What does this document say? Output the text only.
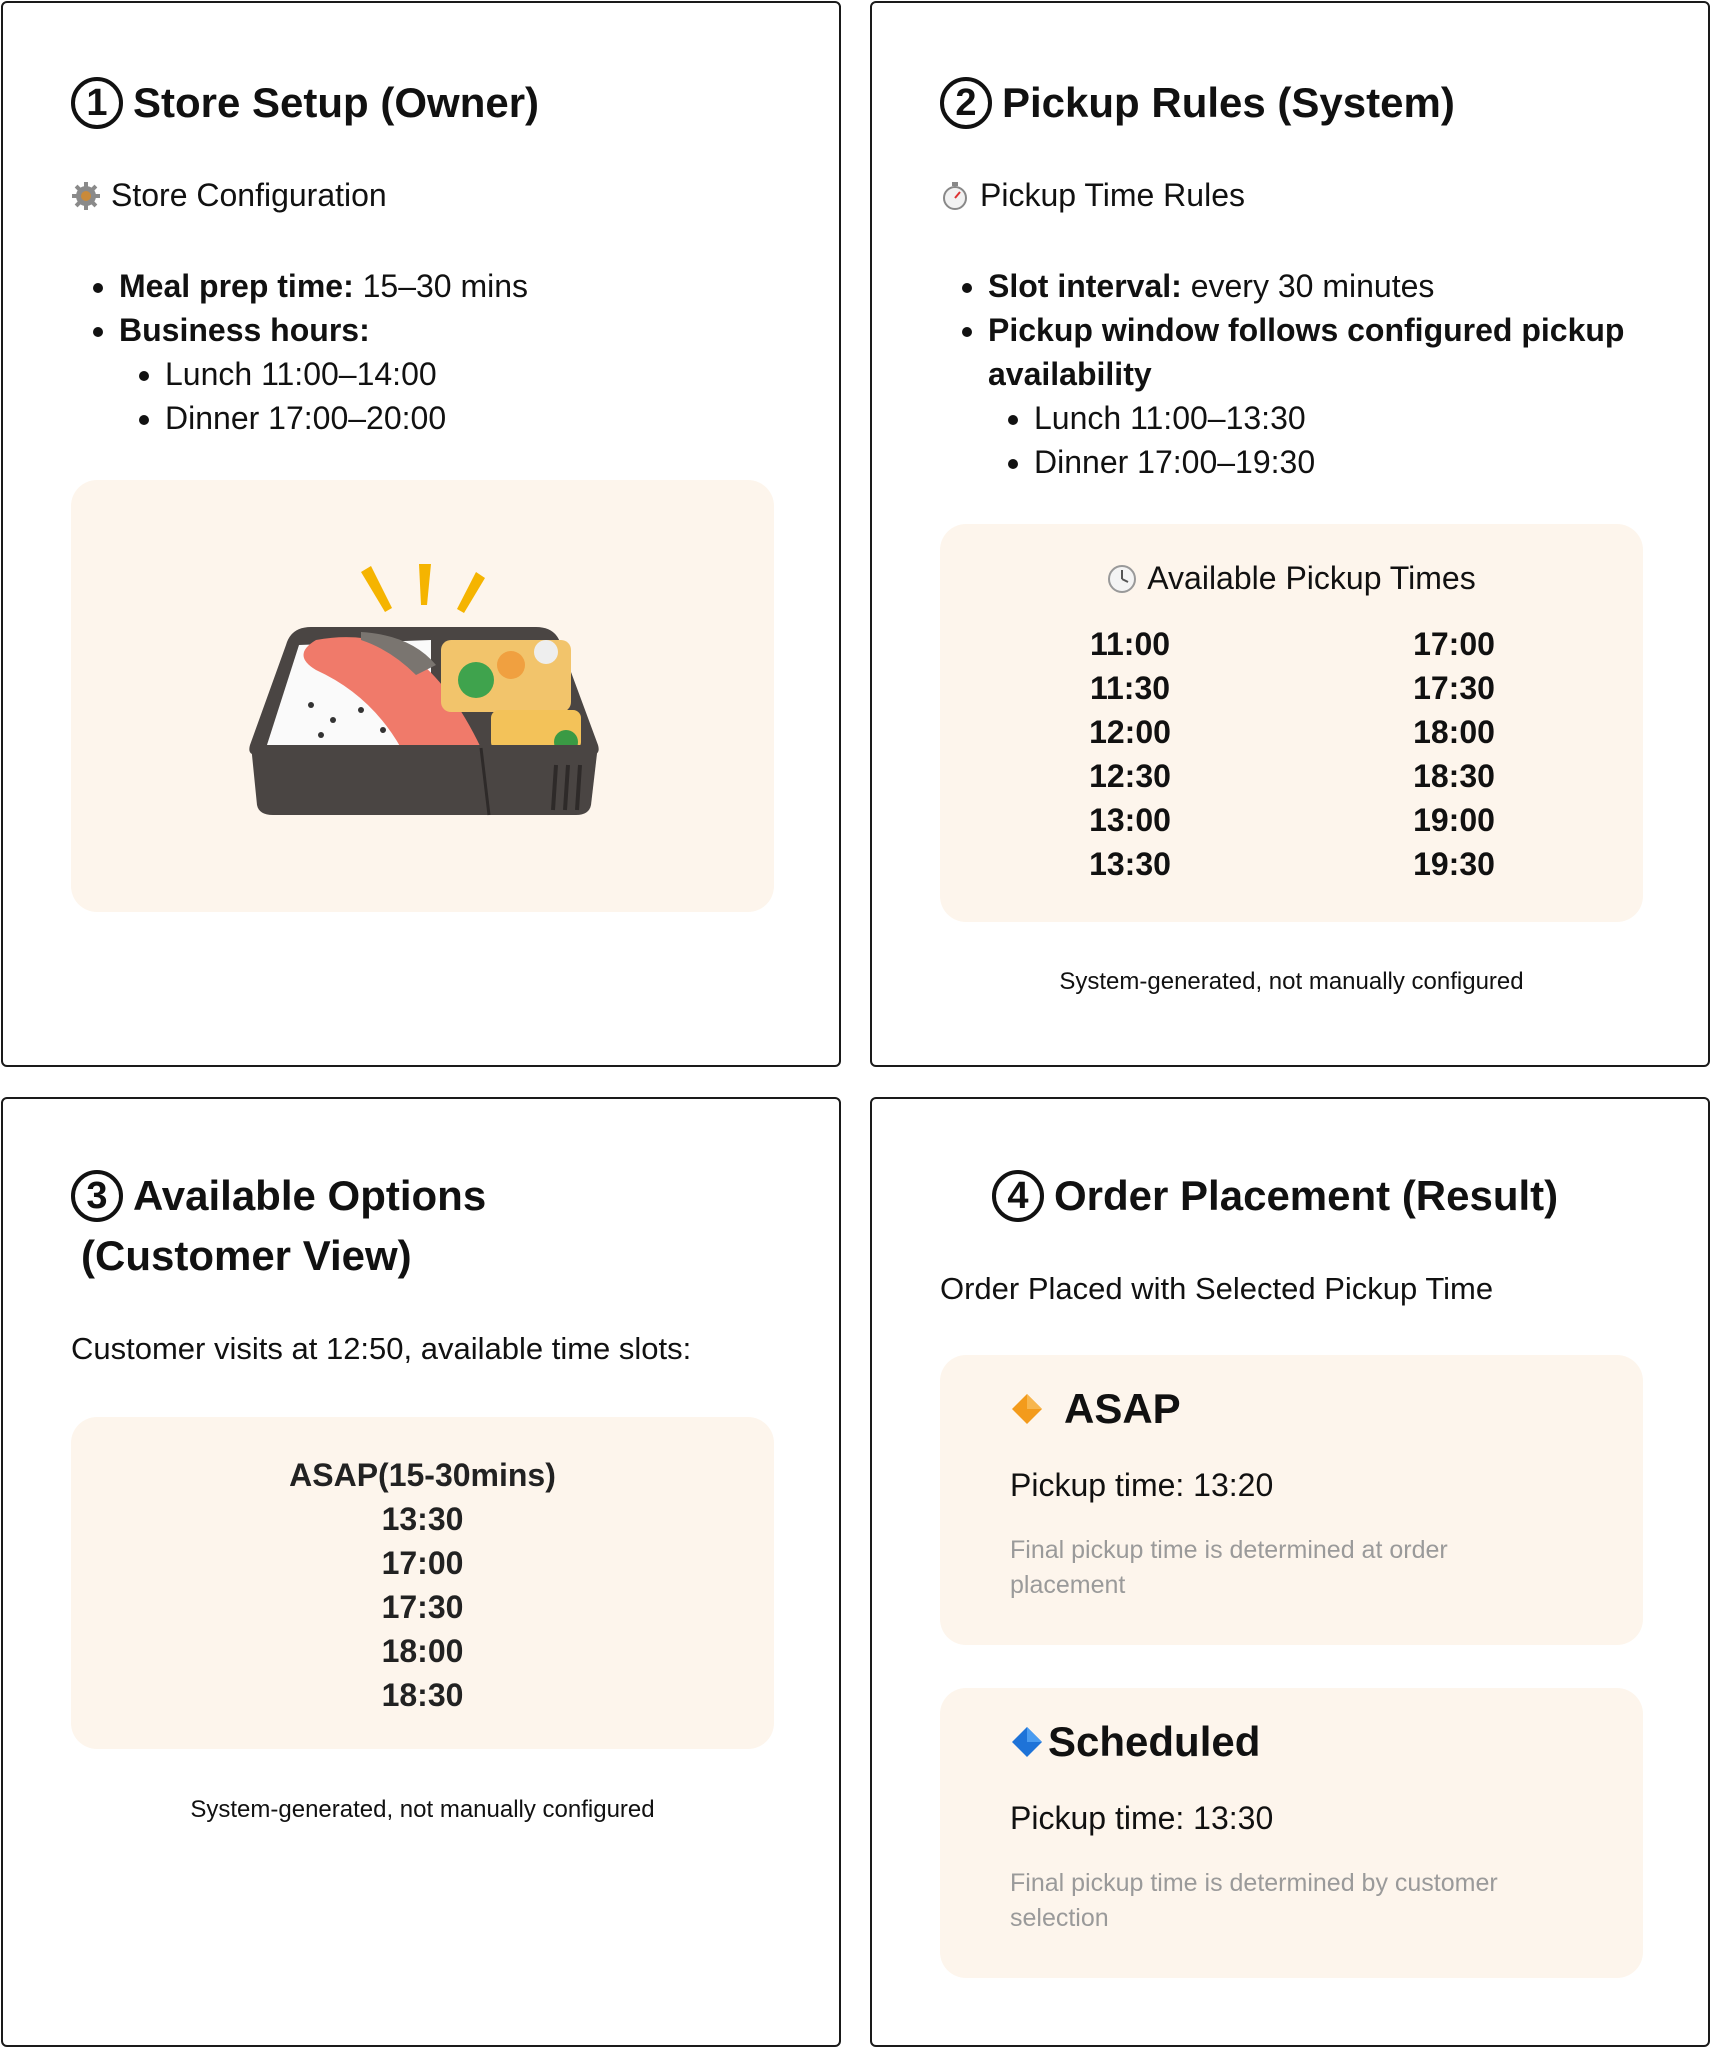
1 Store Setup (Owner)
Store Configuration
• Meal prep time: 15–30 mins
• Business hours:
• Lunch 11:00–14:00
• Dinner 17:00–20:00
2 Pickup Rules (System)
Pickup Time Rules
• Slot interval: every 30 minutes
• Pickup window follows configured pickup availability
• Lunch 11:00–13:30
• Dinner 17:00–19:30
Available Pickup Times
11:00
11:30
12:00
12:30
13:00
13:30
17:00
17:30
18:00
18:30
19:00
19:30
System-generated, not manually configured
3 Available Options
(Customer View)
Customer visits at 12:50, available time slots:
ASAP(15-30mins)
13:30
17:00
17:30
18:00
18:30
System-generated, not manually configured
4 Order Placement (Result)
Order Placed with Selected Pickup Time
ASAP
Pickup time: 13:20
Final pickup time is determined at order placement
Scheduled
Pickup time: 13:30
Final pickup time is determined by customer selection
